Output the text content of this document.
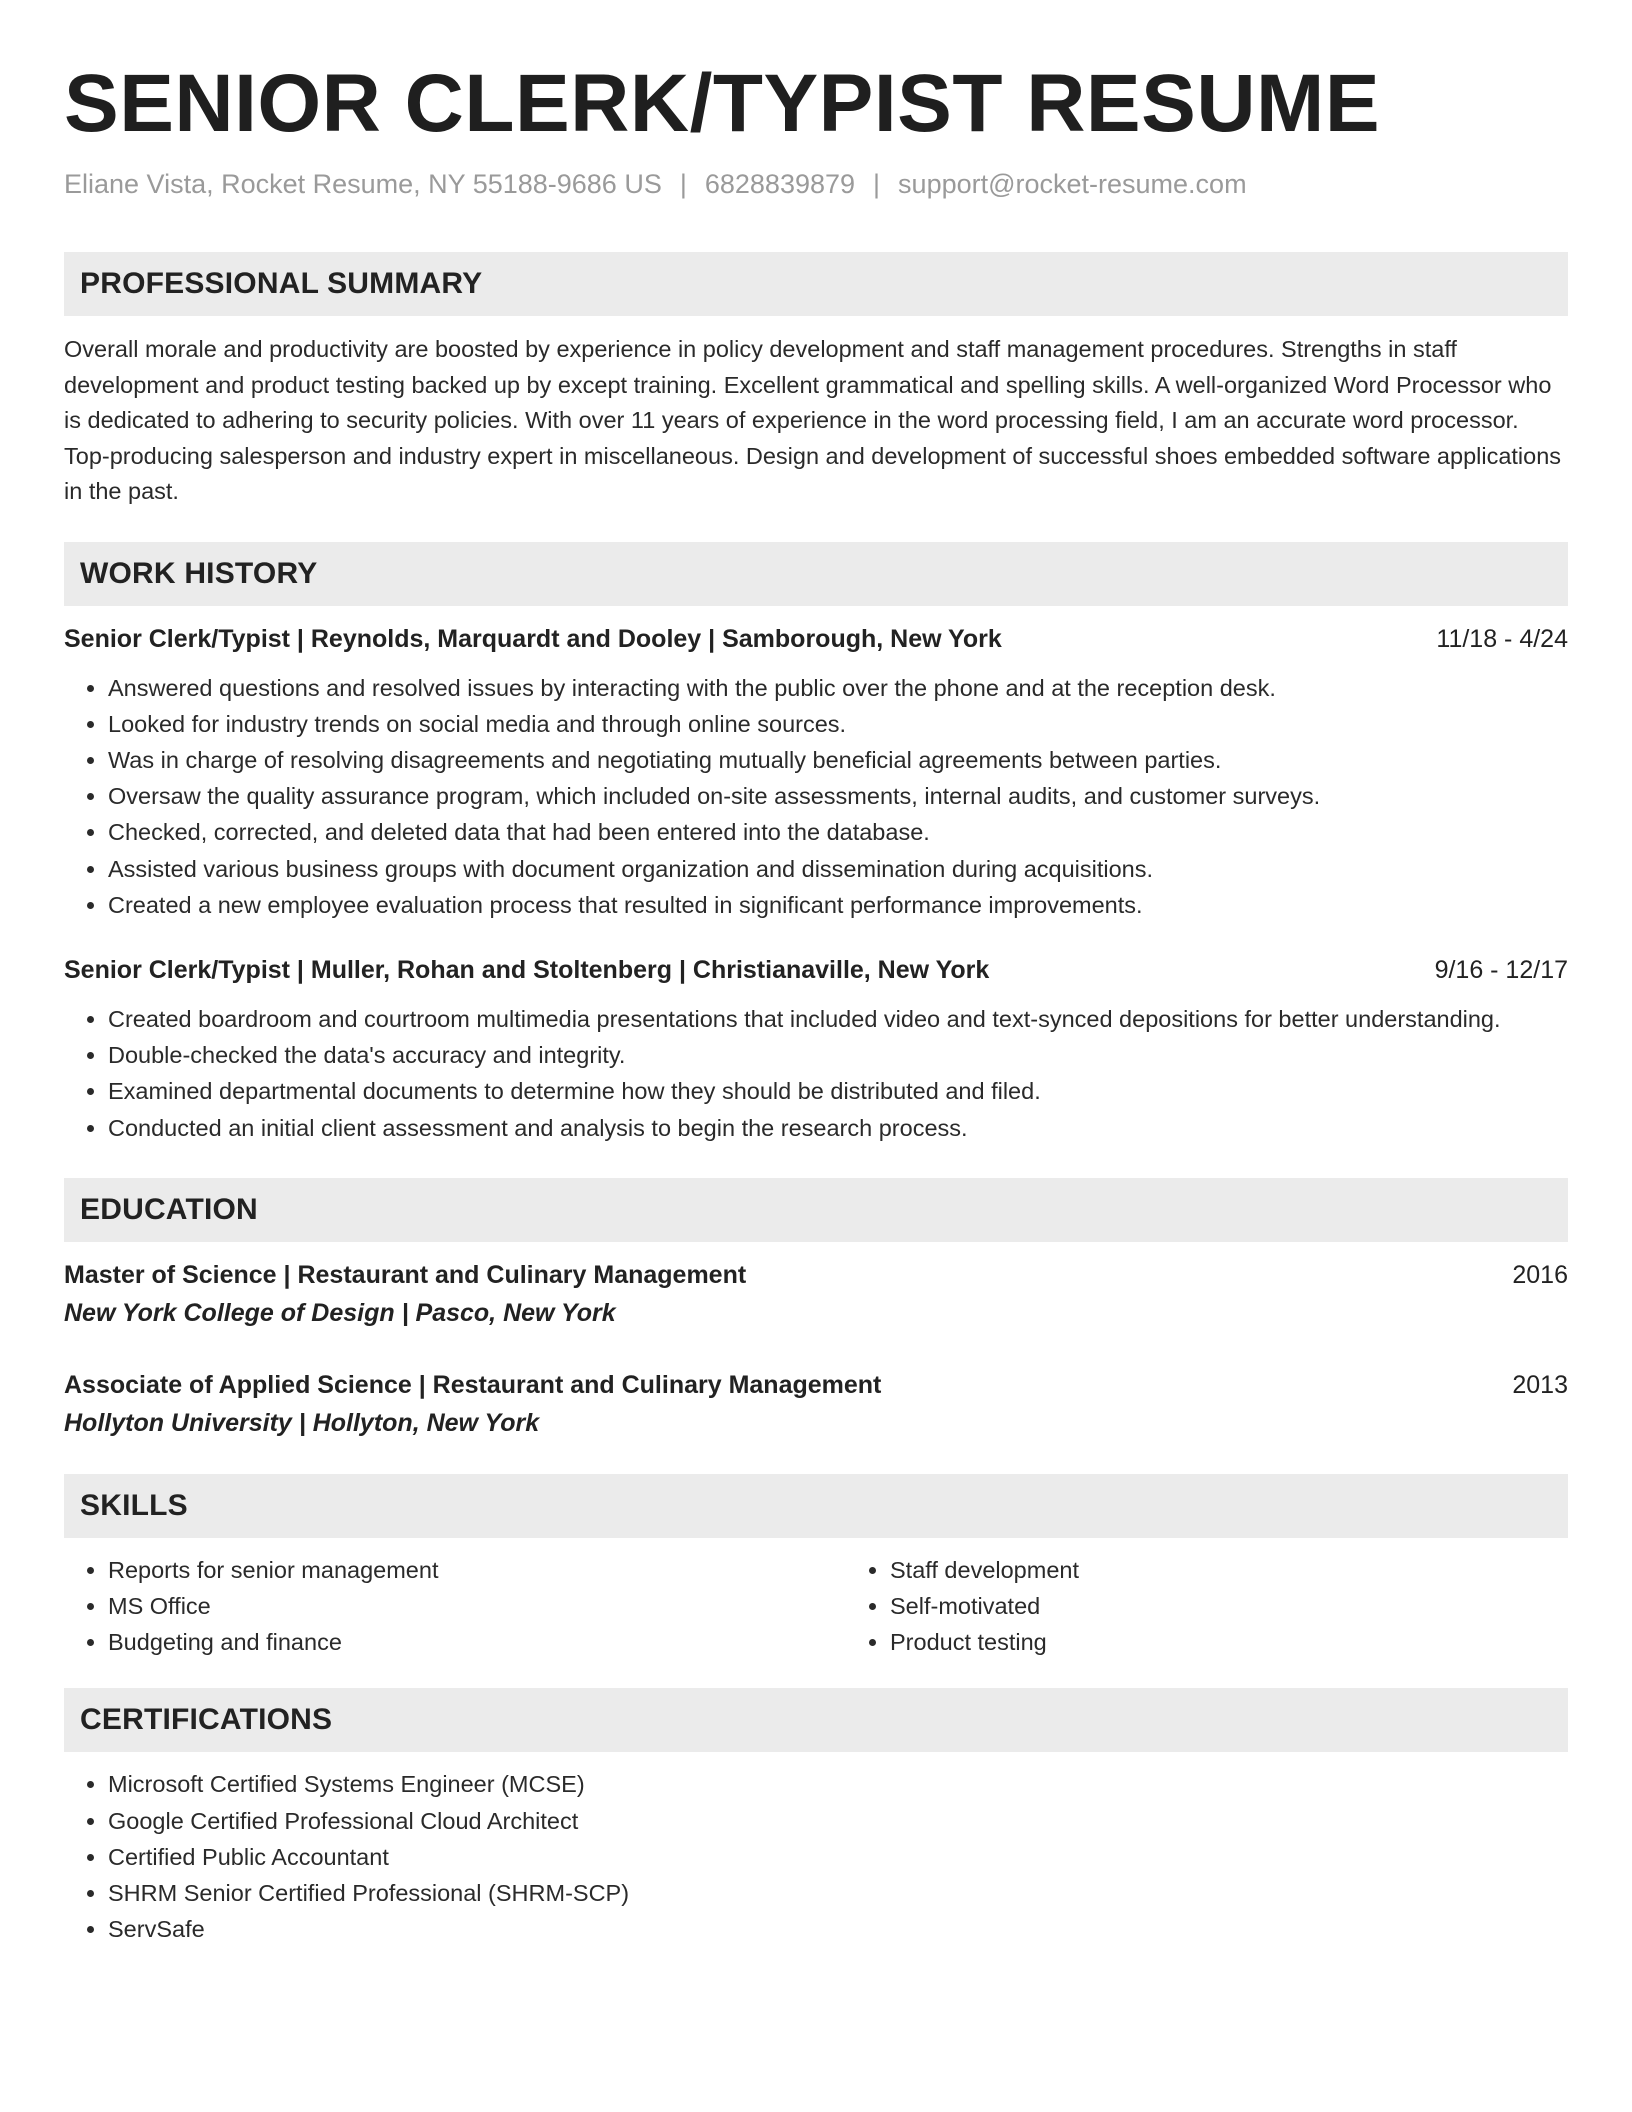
SENIOR CLERK/TYPIST RESUME
Eliane Vista, Rocket Resume, NY 55188-9686 US | 6828839879 | support@rocket-resume.com
PROFESSIONAL SUMMARY
Overall morale and productivity are boosted by experience in policy development and staff management procedures. Strengths in staff development and product testing backed up by except training. Excellent grammatical and spelling skills. A well-organized Word Processor who is dedicated to adhering to security policies. With over 11 years of experience in the word processing field, I am an accurate word processor. Top-producing salesperson and industry expert in miscellaneous. Design and development of successful shoes embedded software applications in the past.
WORK HISTORY
Senior Clerk/Typist | Reynolds, Marquardt and Dooley | Samborough, New York	11/18 - 4/24
• Answered questions and resolved issues by interacting with the public over the phone and at the reception desk.
• Looked for industry trends on social media and through online sources.
• Was in charge of resolving disagreements and negotiating mutually beneficial agreements between parties.
• Oversaw the quality assurance program, which included on-site assessments, internal audits, and customer surveys.
• Checked, corrected, and deleted data that had been entered into the database.
• Assisted various business groups with document organization and dissemination during acquisitions.
• Created a new employee evaluation process that resulted in significant performance improvements.
Senior Clerk/Typist | Muller, Rohan and Stoltenberg | Christianaville, New York	9/16 - 12/17
• Created boardroom and courtroom multimedia presentations that included video and text-synced depositions for better understanding.
• Double-checked the data's accuracy and integrity.
• Examined departmental documents to determine how they should be distributed and filed.
• Conducted an initial client assessment and analysis to begin the research process.
EDUCATION
Master of Science | Restaurant and Culinary Management	2016
New York College of Design | Pasco, New York
Associate of Applied Science | Restaurant and Culinary Management	2013
Hollyton University | Hollyton, New York
SKILLS
• Reports for senior management
• MS Office
• Budgeting and finance
• Staff development
• Self-motivated
• Product testing
CERTIFICATIONS
• Microsoft Certified Systems Engineer (MCSE)
• Google Certified Professional Cloud Architect
• Certified Public Accountant
• SHRM Senior Certified Professional (SHRM-SCP)
• ServSafe
